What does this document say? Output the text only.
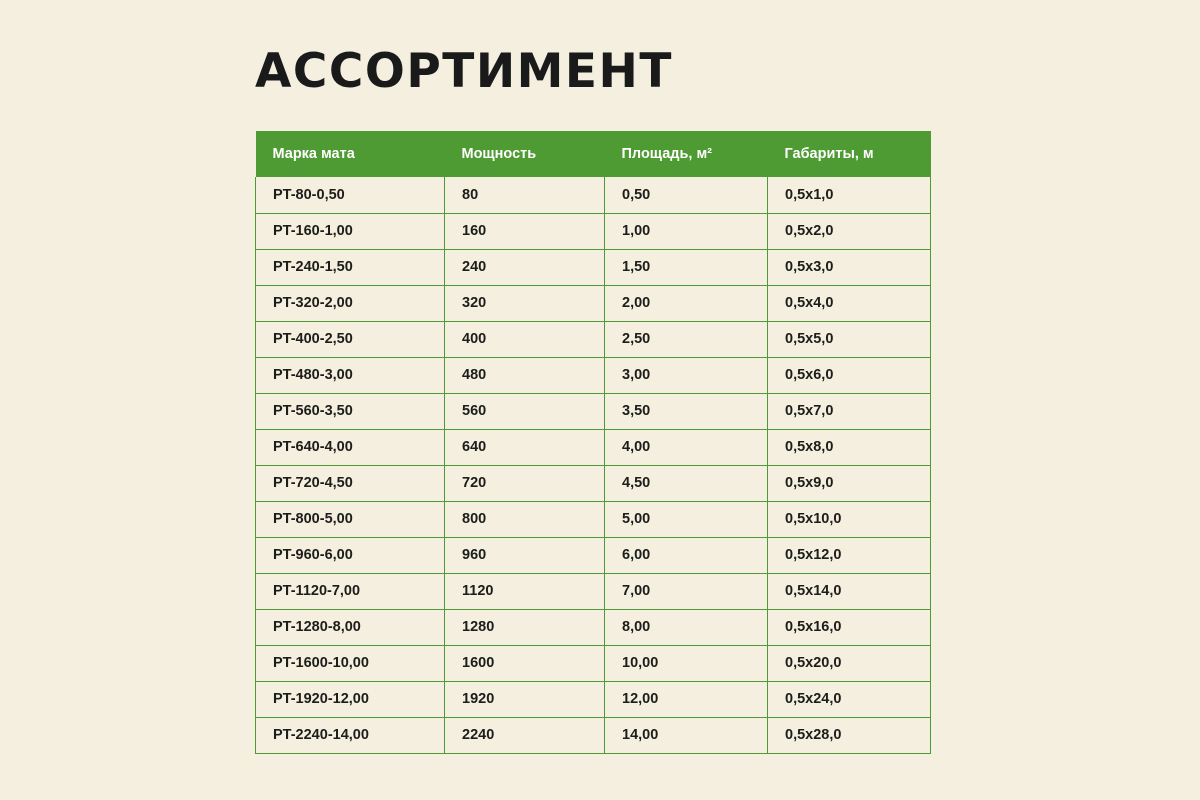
АССОРТИМЕНТ
Марка мата	Мощность	Площадь, м²	Габариты, м
PT-80-0,50	80	0,50	0,5х1,0
PT-160-1,00	160	1,00	0,5х2,0
PT-240-1,50	240	1,50	0,5х3,0
PT-320-2,00	320	2,00	0,5х4,0
PT-400-2,50	400	2,50	0,5х5,0
PT-480-3,00	480	3,00	0,5х6,0
PT-560-3,50	560	3,50	0,5х7,0
PT-640-4,00	640	4,00	0,5х8,0
PT-720-4,50	720	4,50	0,5х9,0
PT-800-5,00	800	5,00	0,5х10,0
PT-960-6,00	960	6,00	0,5х12,0
PT-1120-7,00	1120	7,00	0,5х14,0
PT-1280-8,00	1280	8,00	0,5х16,0
PT-1600-10,00	1600	10,00	0,5х20,0
PT-1920-12,00	1920	12,00	0,5х24,0
PT-2240-14,00	2240	14,00	0,5х28,0
